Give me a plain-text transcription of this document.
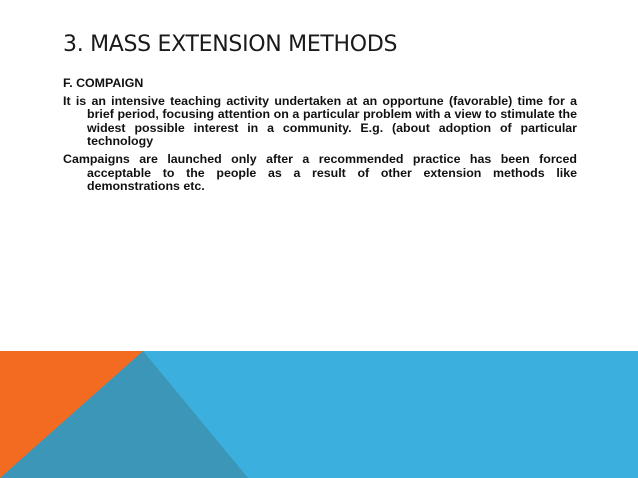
3. MASS EXTENSION METHODS

F. COMPAIGN

It is an intensive teaching activity undertaken at an opportune (favorable) time for a brief period, focusing attention on a particular problem with a view to stimulate the widest possible interest in a community. E.g. (about adoption of particular technology

Campaigns are launched only after a recommended practice has been forced acceptable to the people as a result of other extension methods like demonstrations etc.
